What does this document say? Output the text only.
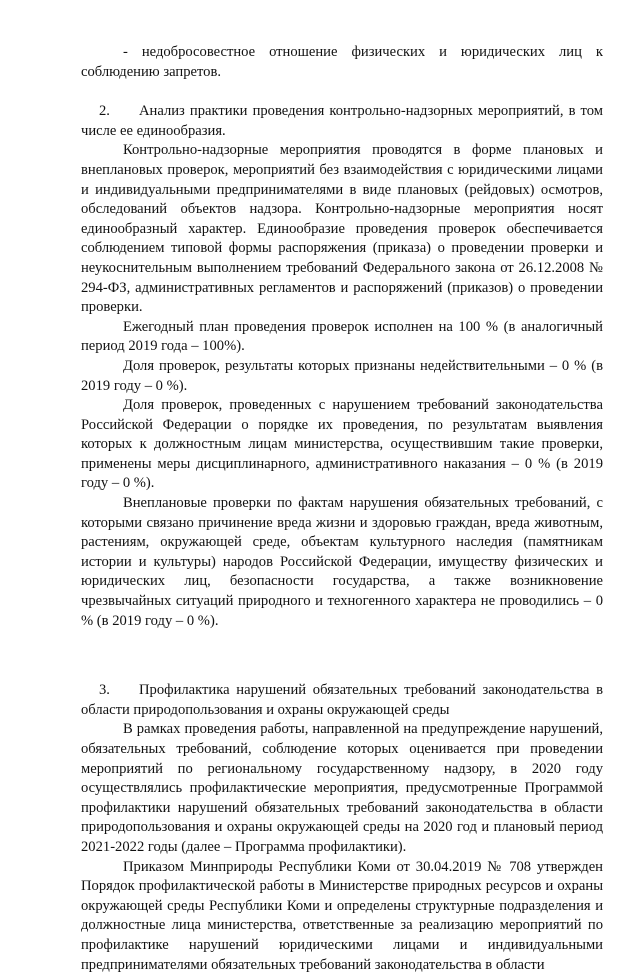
- недобросовестное отношение физических и юридических лиц к соблюдению запретов.

2. Анализ практики проведения контрольно-надзорных мероприятий, в том числе ее единообразия.

Контрольно-надзорные мероприятия проводятся в форме плановых и внеплановых проверок, мероприятий без взаимодействия с юридическими лицами и индивидуальными предпринимателями в виде плановых (рейдовых) осмотров, обследований объектов надзора. Контрольно-надзорные мероприятия носят единообразный характер. Единообразие проведения проверок обеспечивается соблюдением типовой формы распоряжения (приказа) о проведении проверки и неукоснительным выполнением требований Федерального закона от 26.12.2008 № 294-ФЗ, административных регламентов и распоряжений (приказов) о проведении проверки.

Ежегодный план проведения проверок исполнен на 100 % (в аналогичный период 2019 года – 100%).

Доля проверок, результаты которых признаны недействительными – 0 % (в 2019 году – 0 %).

Доля проверок, проведенных с нарушением требований законодательства Российской Федерации о порядке их проведения, по результатам выявления которых к должностным лицам министерства, осуществившим такие проверки, применены меры дисциплинарного, административного наказания – 0 % (в 2019 году – 0 %).

Внеплановые проверки по фактам нарушения обязательных требований, с которыми связано причинение вреда жизни и здоровью граждан, вреда животным, растениям, окружающей среде, объектам культурного наследия (памятникам истории и культуры) народов Российской Федерации, имуществу физических и юридических лиц, безопасности государства, а также возникновение чрезвычайных ситуаций природного и техногенного характера не проводились – 0 % (в 2019 году – 0 %).

3. Профилактика нарушений обязательных требований законодательства в области природопользования и охраны окружающей среды

В рамках проведения работы, направленной на предупреждение нарушений, обязательных требований, соблюдение которых оценивается при проведении мероприятий по региональному государственному надзору, в 2020 году осуществлялись профилактические мероприятия, предусмотренные Программой профилактики нарушений обязательных требований законодательства в области природопользования и охраны окружающей среды на 2020 год и плановый период 2021-2022 годы (далее – Программа профилактики).

Приказом Минприроды Республики Коми от 30.04.2019 № 708 утвержден Порядок профилактической работы в Министерстве природных ресурсов и охраны окружающей среды Республики Коми и определены структурные подразделения и должностные лица министерства, ответственные за реализацию мероприятий по профилактике нарушений юридическими лицами и индивидуальными предпринимателями обязательных требований законодательства в области
